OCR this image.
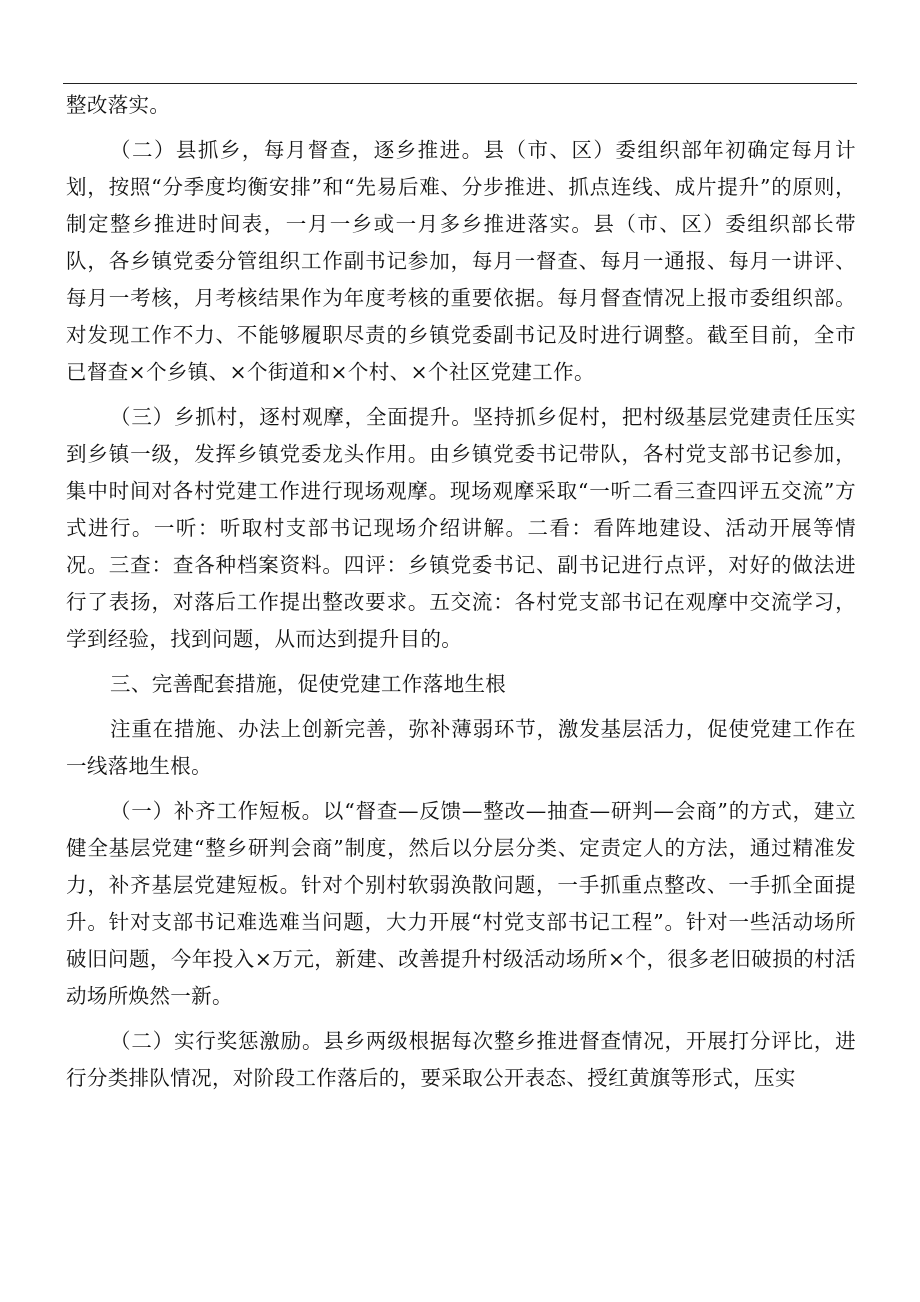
整改落实。

（二）县抓乡，每月督查，逐乡推进。县（市、区）委组织部年初确定每月计划，按照“分季度均衡安排”和“先易后难、分步推进、抓点连线、成片提升”的原则，制定整乡推进时间表，一月一乡或一月多乡推进落实。县（市、区）委组织部长带队，各乡镇党委分管组织工作副书记参加，每月一督查、每月一通报、每月一讲评、每月一考核，月考核结果作为年度考核的重要依据。每月督查情况上报市委组织部。对发现工作不力、不能够履职尽责的乡镇党委副书记及时进行调整。截至目前，全市已督查×个乡镇、×个街道和×个村、×个社区党建工作。

（三）乡抓村，逐村观摩，全面提升。坚持抓乡促村，把村级基层党建责任压实到乡镇一级，发挥乡镇党委龙头作用。由乡镇党委书记带队，各村党支部书记参加，集中时间对各村党建工作进行现场观摩。现场观摩采取“一听二看三查四评五交流”方式进行。一听：听取村支部书记现场介绍讲解。二看：看阵地建设、活动开展等情况。三查：查各种档案资料。四评：乡镇党委书记、副书记进行点评，对好的做法进行了表扬，对落后工作提出整改要求。五交流：各村党支部书记在观摩中交流学习，学到经验，找到问题，从而达到提升目的。

三、完善配套措施，促使党建工作落地生根

注重在措施、办法上创新完善，弥补薄弱环节，激发基层活力，促使党建工作在一线落地生根。

（一）补齐工作短板。以“督查—反馈—整改—抽查—研判—会商”的方式，建立健全基层党建“整乡研判会商”制度，然后以分层分类、定责定人的方法，通过精准发力，补齐基层党建短板。针对个别村软弱涣散问题，一手抓重点整改、一手抓全面提升。针对支部书记难选难当问题，大力开展“村党支部书记工程”。针对一些活动场所破旧问题，今年投入×万元，新建、改善提升村级活动场所×个，很多老旧破损的村活动场所焕然一新。

（二）实行奖惩激励。县乡两级根据每次整乡推进督查情况，开展打分评比，进行分类排队情况，对阶段工作落后的，要采取公开表态、授红黄旗等形式，压实
